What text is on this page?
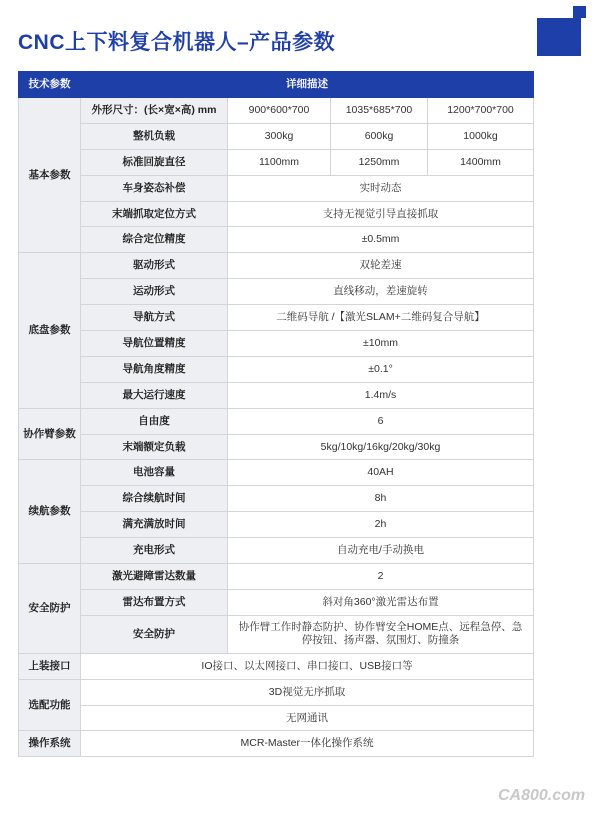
CNC上下料复合机器人–产品参数
技术参数	详细描述			
基本参数	外形尺寸：(长×宽×高) mm	900*600*700	1035*685*700	1200*700*700
	整机负载	300kg	600kg	1000kg
	标准回旋直径	1100mm	1250mm	1400mm
	车身姿态补偿	实时动态		
	末端抓取定位方式	支持无视觉引导直接抓取		
	综合定位精度	±0.5mm		
底盘参数	驱动形式	双轮差速		
	运动形式	直线移动，差速旋转		
	导航方式	二维码导航 /【激光SLAM+二维码复合导航】		
	导航位置精度	±10mm		
	导航角度精度	±0.1°		
	最大运行速度	1.4m/s		
协作臂参数	自由度	6		
	末端额定负载	5kg/10kg/16kg/20kg/30kg		
续航参数	电池容量	40AH		
	综合续航时间	8h		
	满充满放时间	2h		
	充电形式	自动充电/手动换电		
安全防护	激光避障雷达数量	2		
	雷达布置方式	斜对角360°激光雷达布置		
	安全防护	协作臂工作时静态防护、协作臂安全HOME点、远程急停、急停按钮、扬声器、氛围灯、防撞条		
上装接口	IO接口、以太网接口、串口接口、USB接口等			
选配功能	3D视觉无序抓取			
	无网通讯			
操作系统	MCR-Master一体化操作系统			
CA800.com
